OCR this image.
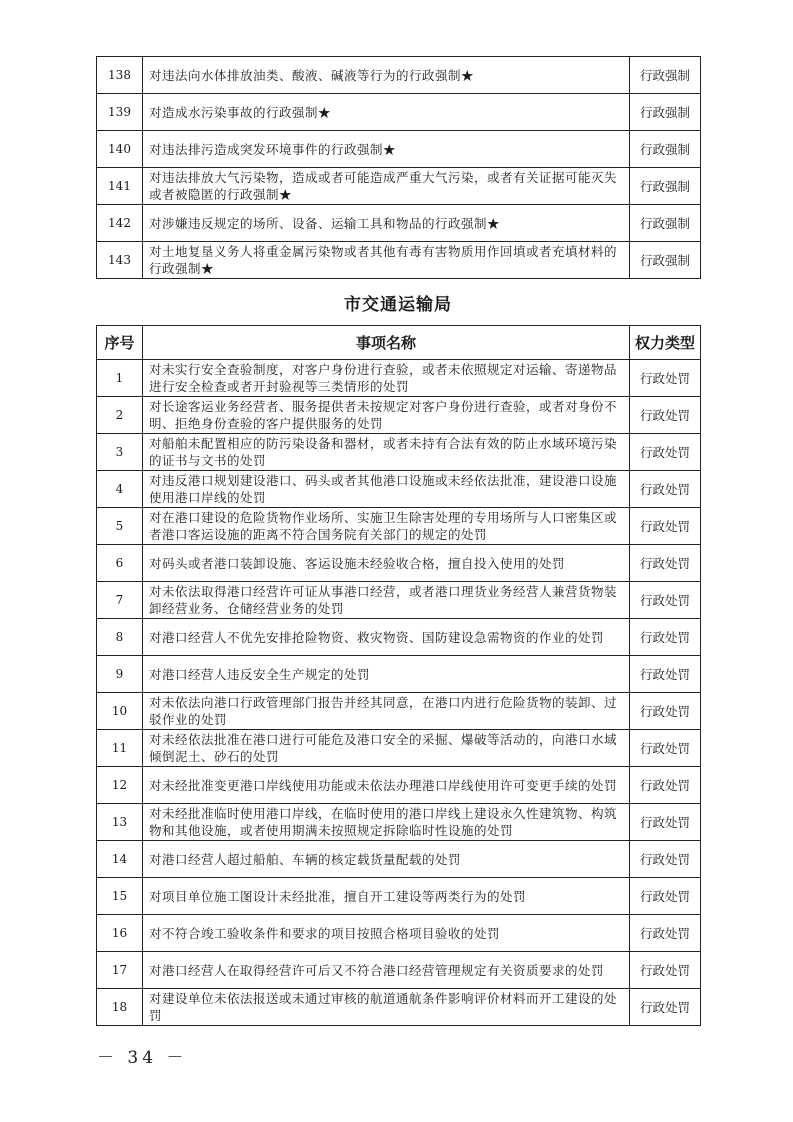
138	对违法向水体排放油类、酸液、碱液等行为的行政强制★	行政强制
139	对造成水污染事故的行政强制★	行政强制
140	对违法排污造成突发环境事件的行政强制★	行政强制
141	对违法排放大气污染物，造成或者可能造成严重大气污染，或者有关证据可能灭失或者被隐匿的行政强制★	行政强制
142	对涉嫌违反规定的场所、设备、运输工具和物品的行政强制★	行政强制
143	对土地复垦义务人将重金属污染物或者其他有毒有害物质用作回填或者充填材料的行政强制★	行政强制
市交通运输局
序号	事项名称	权力类型
1	对未实行安全查验制度，对客户身份进行查验，或者未依照规定对运输、寄递物品进行安全检查或者开封验视等三类情形的处罚	行政处罚
2	对长途客运业务经营者、服务提供者未按规定对客户身份进行查验，或者对身份不明、拒绝身份查验的客户提供服务的处罚	行政处罚
3	对船舶未配置相应的防污染设备和器材，或者未持有合法有效的防止水域环境污染的证书与文书的处罚	行政处罚
4	对违反港口规划建设港口、码头或者其他港口设施或未经依法批准，建设港口设施使用港口岸线的处罚	行政处罚
5	对在港口建设的危险货物作业场所、实施卫生除害处理的专用场所与人口密集区或者港口客运设施的距离不符合国务院有关部门的规定的处罚	行政处罚
6	对码头或者港口装卸设施、客运设施未经验收合格，擅自投入使用的处罚	行政处罚
7	对未依法取得港口经营许可证从事港口经营，或者港口理货业务经营人兼营货物装卸经营业务、仓储经营业务的处罚	行政处罚
8	对港口经营人不优先安排抢险物资、救灾物资、国防建设急需物资的作业的处罚	行政处罚
9	对港口经营人违反安全生产规定的处罚	行政处罚
10	对未依法向港口行政管理部门报告并经其同意，在港口内进行危险货物的装卸、过驳作业的处罚	行政处罚
11	对未经依法批准在港口进行可能危及港口安全的采掘、爆破等活动的，向港口水域倾倒泥土、砂石的处罚	行政处罚
12	对未经批准变更港口岸线使用功能或未依法办理港口岸线使用许可变更手续的处罚	行政处罚
13	对未经批准临时使用港口岸线，在临时使用的港口岸线上建设永久性建筑物、构筑物和其他设施，或者使用期满未按照规定拆除临时性设施的处罚	行政处罚
14	对港口经营人超过船舶、车辆的核定载货量配载的处罚	行政处罚
15	对项目单位施工图设计未经批准，擅自开工建设等两类行为的处罚	行政处罚
16	对不符合竣工验收条件和要求的项目按照合格项目验收的处罚	行政处罚
17	对港口经营人在取得经营许可后又不符合港口经营管理规定有关资质要求的处罚	行政处罚
18	对建设单位未依法报送或未通过审核的航道通航条件影响评价材料而开工建设的处罚	行政处罚
－ 34 －
